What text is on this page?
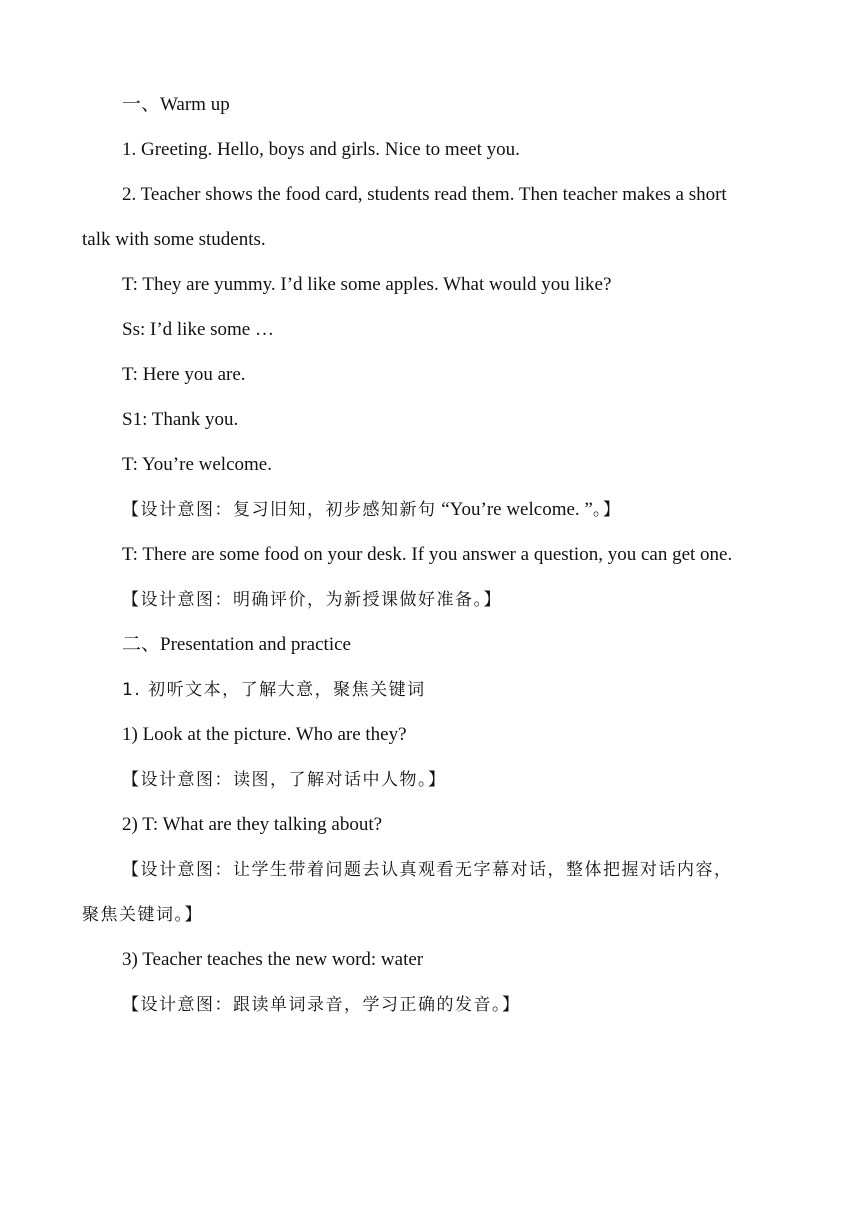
一、Warm up
1. Greeting. Hello, boys and girls. Nice to meet you.
2. Teacher shows the food card, students read them. Then teacher makes a short
talk with some students.
T: They are yummy. I’d like some apples. What would you like?
Ss: I’d like some …
T: Here you are.
S1: Thank you.
T: You’re welcome.
【设计意图：复习旧知，初步感知新句 “You’re welcome. ”。】
T: There are some food on your desk. If you answer a question, you can get one.
【设计意图：明确评价，为新授课做好准备。】
二、Presentation and practice
1. 初听文本，了解大意，聚焦关键词
1) Look at the picture. Who are they?
【设计意图：读图，了解对话中人物。】
2) T: What are they talking about?
【设计意图：让学生带着问题去认真观看无字幕对话，整体把握对话内容，
聚焦关键词。】
3) Teacher teaches the new word: water
【设计意图：跟读单词录音，学习正确的发音。】
